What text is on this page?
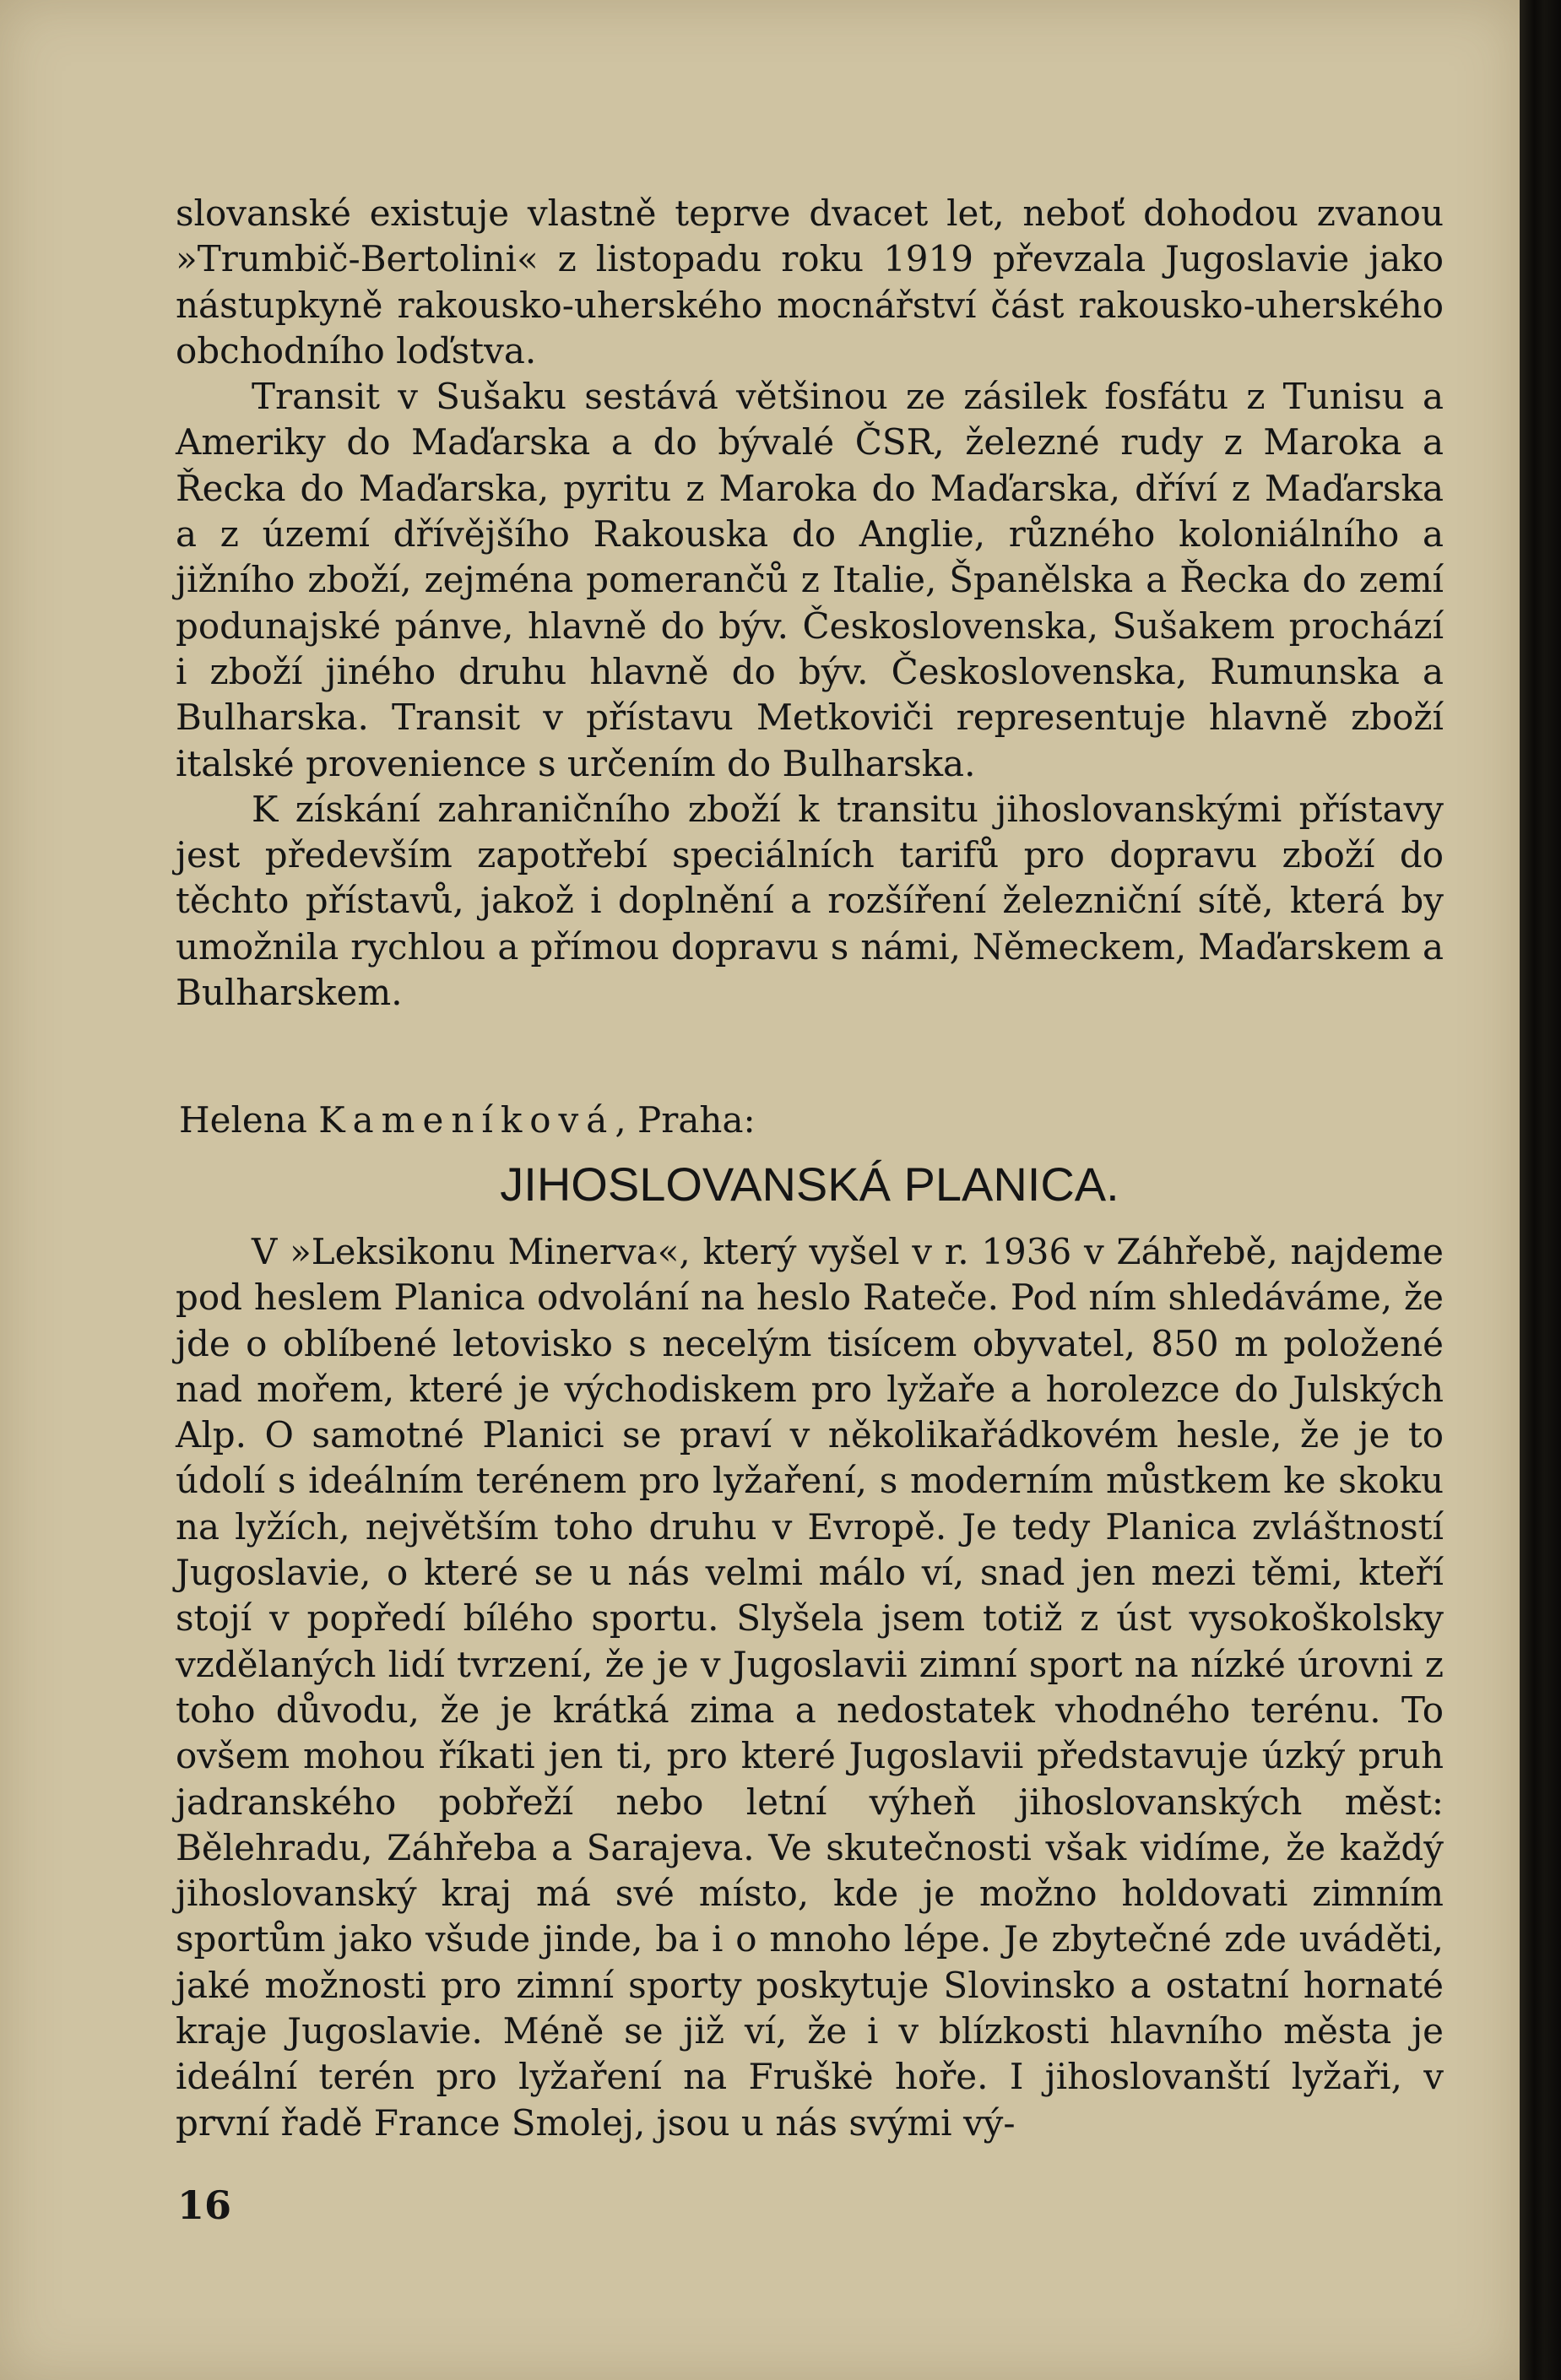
slovanské existuje vlastně teprve dvacet let, neboť dohodou zvanou »Trumbič-Bertolini« z listopadu roku 1919 převzala Jugoslavie jako nástupkyně rakousko-uherského mocnářství část rakousko-uherského obchodního loďstva.

Transit v Sušaku sestává většinou ze zásilek fosfátu z Tunisu a Ameriky do Maďarska a do bývalé ČSR, železné rudy z Maroka a Řecka do Maďarska, pyritu z Maroka do Maďarska, dříví z Maďarska a z území dřívějšího Rakouska do Anglie, různého koloniálního a jižního zboží, zejména pomerančů z Italie, Španělska a Řecka do zemí podunajské pánve, hlavně do býv. Československa, Sušakem prochází i zboží jiného druhu hlavně do býv. Československa, Rumunska a Bulharska. Transit v přístavu Metkoviči representuje hlavně zboží italské provenience s určením do Bulharska.

K získání zahraničního zboží k transitu jihoslovanskými přístavy jest především zapotřebí speciálních tarifů pro dopravu zboží do těchto přístavů, jakož i doplnění a rozšíření železniční sítě, která by umožnila rychlou a přímou dopravu s námi, Německem, Maďarskem a Bulharskem.

Helena Kameníková, Praha:
JIHOSLOVANSKÁ PLANICA.

V »Leksikonu Minerva«, který vyšel v r. 1936 v Záhřebě, najdeme pod heslem Planica odvolání na heslo Rateče. Pod ním shledáváme, že jde o oblíbené letovisko s necelým tisícem obyvatel, 850 m položené nad mořem, které je východiskem pro lyžaře a horolezce do Julských Alp. O samotné Planici se praví v několikařádkovém hesle, že je to údolí s ideálním terénem pro lyžaření, s moderním můstkem ke skoku na lyžích, největším toho druhu v Evropě. Je tedy Planica zvláštností Jugoslavie, o které se u nás velmi málo ví, snad jen mezi těmi, kteří stojí v popředí bílého sportu. Slyšela jsem totiž z úst vysokoškolsky vzdělaných lidí tvrzení, že je v Jugoslavii zimní sport na nízké úrovni z toho důvodu, že je krátká zima a nedostatek vhodného terénu. To ovšem mohou říkati jen ti, pro které Jugoslavii představuje úzký pruh jadranského pobřeží nebo letní výheň jihoslovanských měst: Bělehradu, Záhřeba a Sarajeva. Ve skutečnosti však vidíme, že každý jihoslovanský kraj má své místo, kde je možno holdovati zimním sportům jako všude jinde, ba i o mnoho lépe. Je zbytečné zde uváděti, jaké možnosti pro zimní sporty poskytuje Slovinsko a ostatní hornaté kraje Jugoslavie. Méně se již ví, že i v blízkosti hlavního města je ideální terén pro lyžaření na Fruškė hoře. I jihoslovanští lyžaři, v první řadě France Smolej, jsou u nás svými vý-

16
